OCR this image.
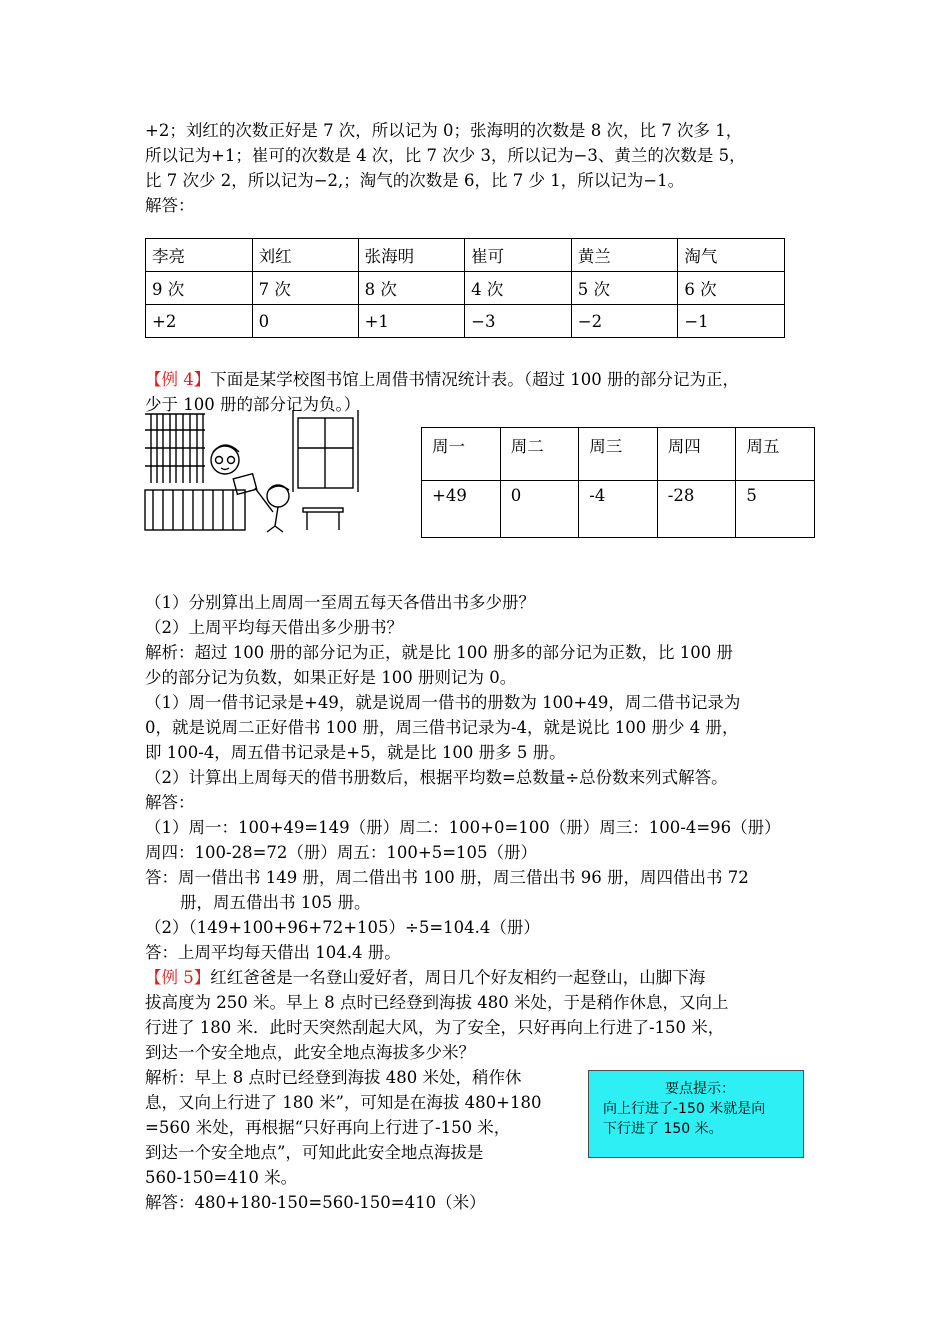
+2；刘红的次数正好是 7 次，所以记为 0；张海明的次数是 8 次，比 7 次多 1，
所以记为+1；崔可的次数是 4 次，比 7 次少 3，所以记为−3、黄兰的次数是 5，
比 7 次少 2，所以记为−2,；淘气的次数是 6，比 7 少 1，所以记为−1。
解答：
李亮	刘红	张海明	崔可	黄兰	淘气
9 次	7 次	8 次	4 次	5 次	6 次
+2	0	+1	−3	−2	−1
【例 4】下面是某学校图书馆上周借书情况统计表。（超过 100 册的部分记为正，
少于 100 册的部分记为负。）
周一	周二	周三	周四	周五
+49	0	-4	-28	5
（1）分别算出上周周一至周五每天各借出书多少册？
（2）上周平均每天借出多少册书？
解析：超过 100 册的部分记为正，就是比 100 册多的部分记为正数，比 100 册
少的部分记为负数，如果正好是 100 册则记为 0。
（1）周一借书记录是+49，就是说周一借书的册数为 100+49，周二借书记录为
0，就是说周二正好借书 100 册，周三借书记录为-4，就是说比 100 册少 4 册，
即 100-4，周五借书记录是+5，就是比 100 册多 5 册。
（2）计算出上周每天的借书册数后，根据平均数=总数量÷总份数来列式解答。
解答：
（1）周一：100+49=149（册）周二：100+0=100（册）周三：100-4=96（册）
周四：100-28=72（册）周五：100+5=105（册）
答：周一借出书 149 册，周二借出书 100 册，周三借出书 96 册，周四借出书 72
册，周五借出书 105 册。
（2）（149+100+96+72+105）÷5=104.4（册）
答：上周平均每天借出 104.4 册。
【例 5】红红爸爸是一名登山爱好者，周日几个好友相约一起登山，山脚下海
拔高度为 250 米。早上 8 点时已经登到海拔 480 米处，于是稍作休息，又向上
行进了 180 米．此时天突然刮起大风，为了安全，只好再向上行进了-150 米，
到达一个安全地点，此安全地点海拔多少米？
解析：早上 8 点时已经登到海拔 480 米处，稍作休
息，又向上行进了 180 米”，可知是在海拔 480+180
=560 米处，再根据“只好再向上行进了-150 米，
到达一个安全地点”，可知此此安全地点海拔是
560-150=410 米。
解答：480+180-150=560-150=410（米）
要点提示：
向上行进了-150 米就是向
下行进了 150 米。
